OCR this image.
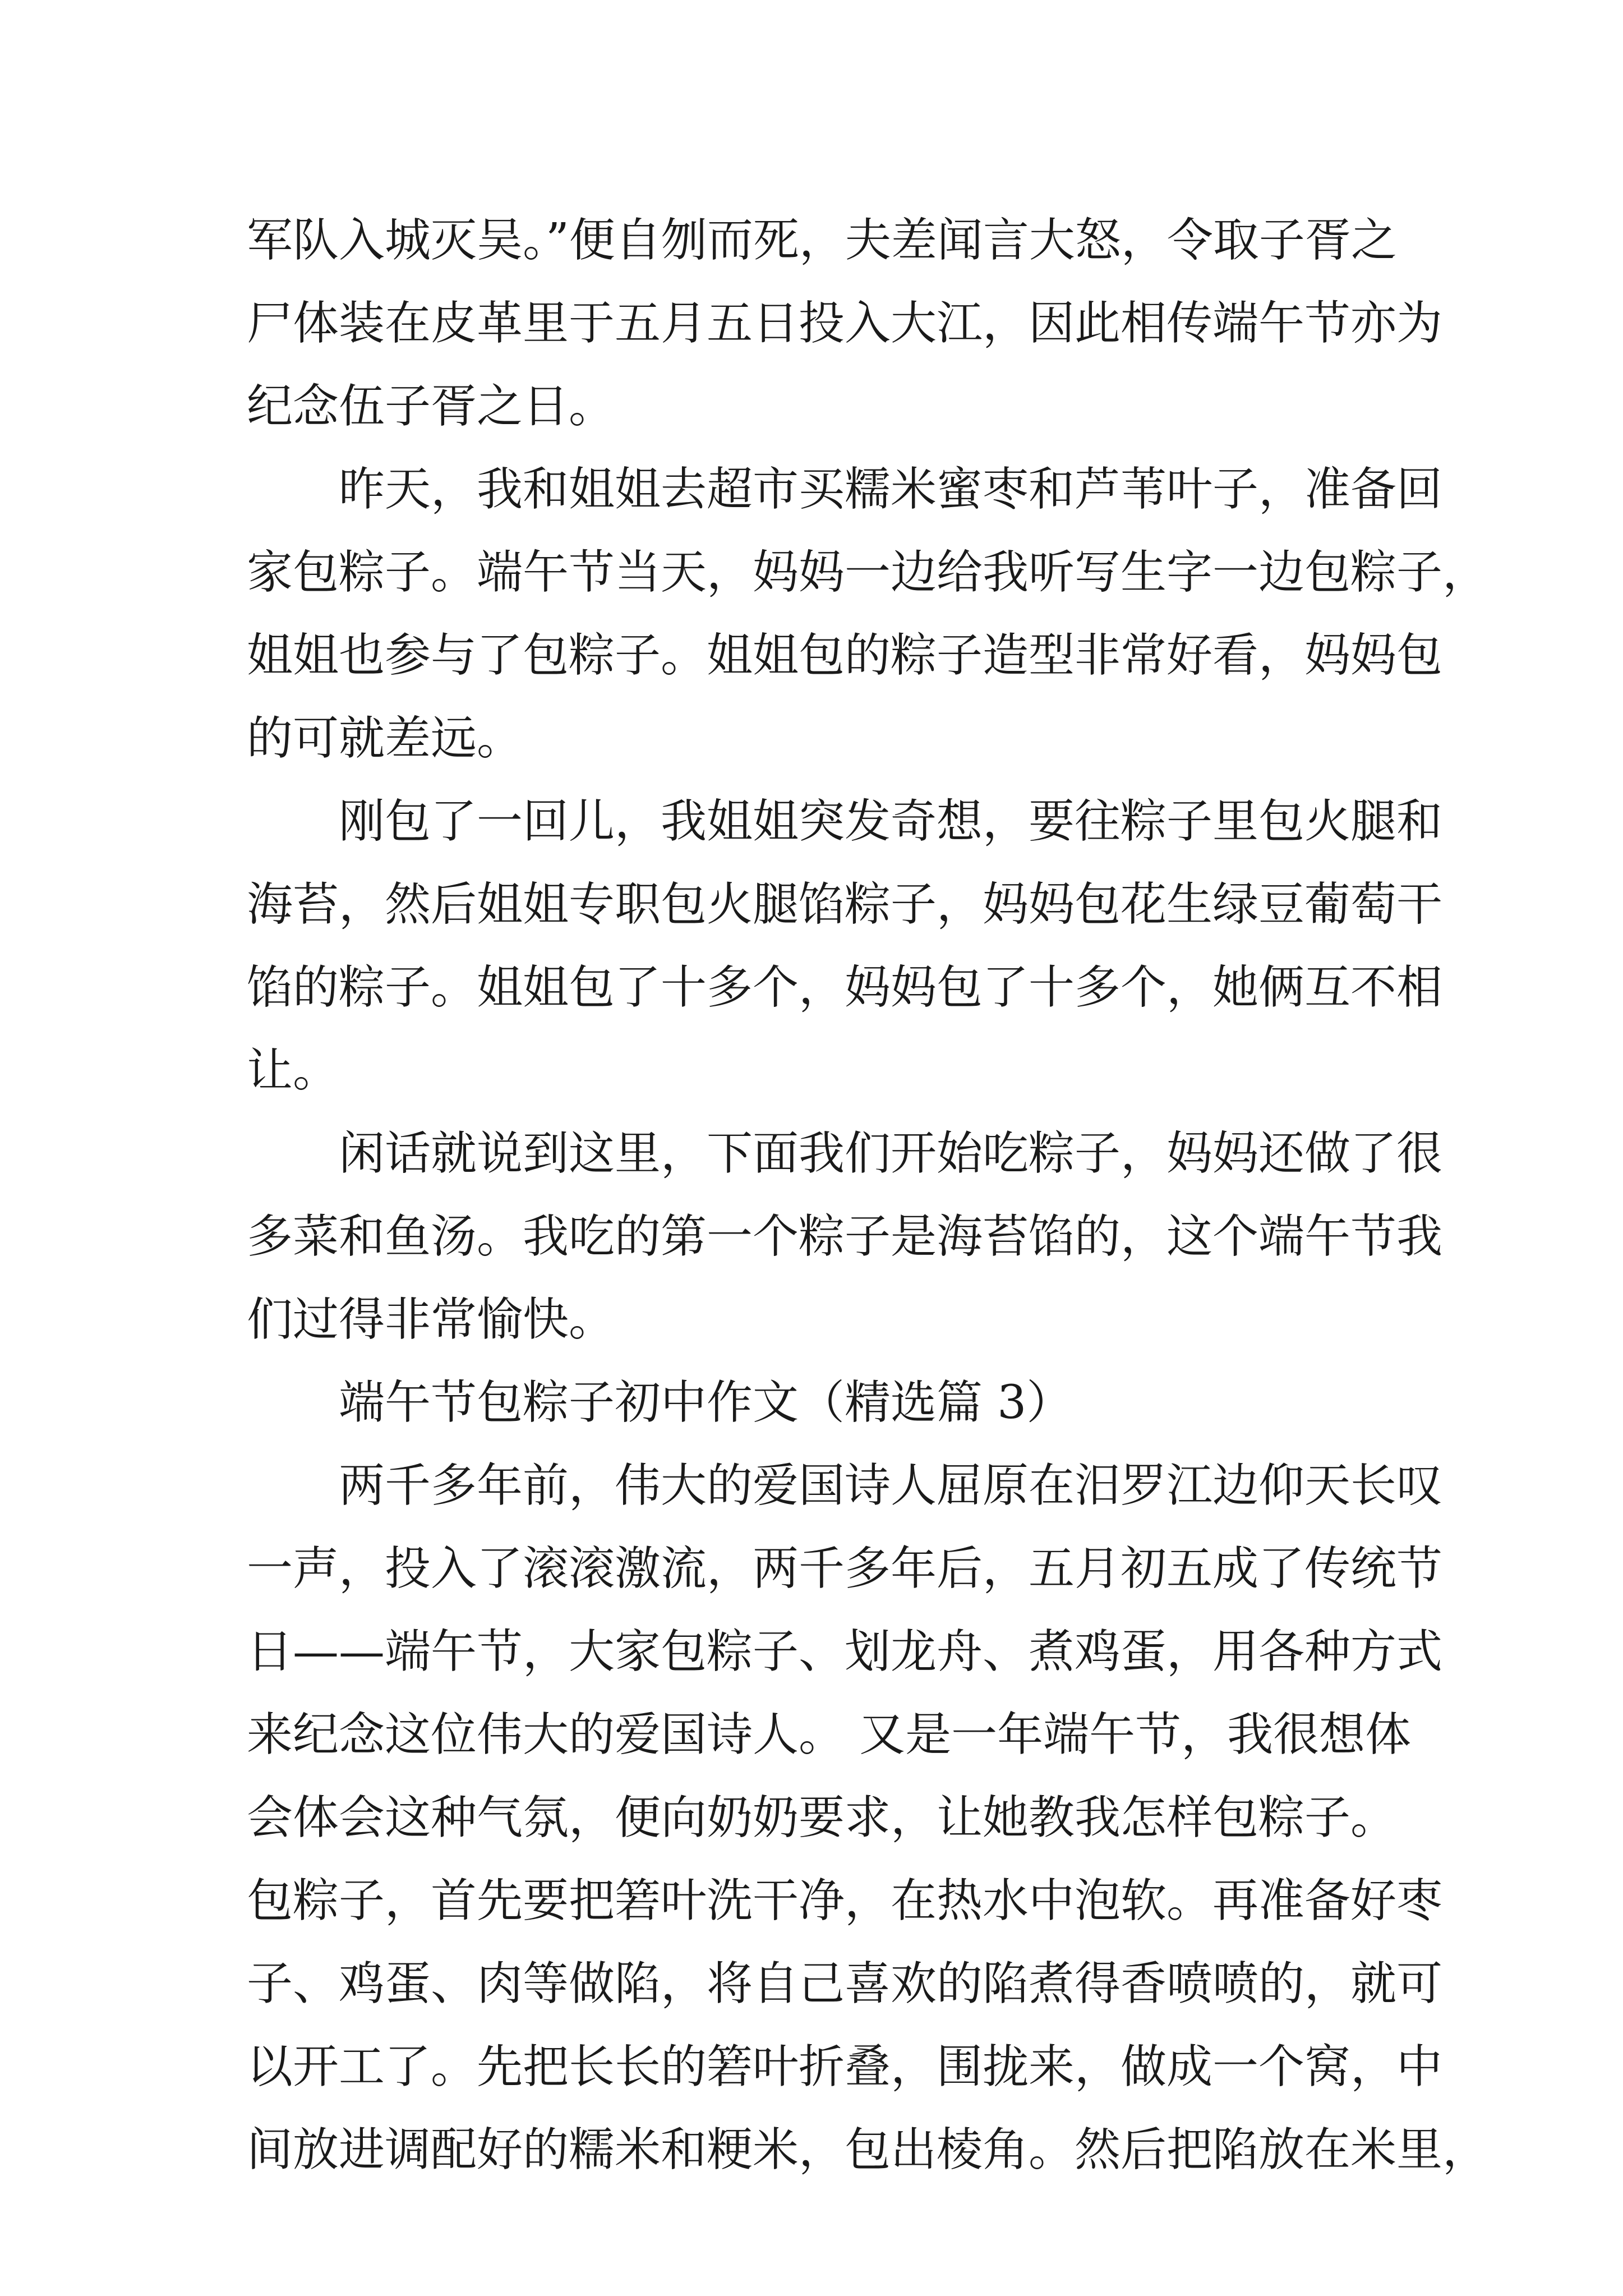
军队入城灭吴。”便自刎而死，夫差闻言大怒，令取子胥之
尸体装在皮革里于五月五日投入大江，因此相传端午节亦为
纪念伍子胥之日。
昨天，我和姐姐去超市买糯米蜜枣和芦苇叶子，准备回
家包粽子。端午节当天，妈妈一边给我听写生字一边包粽子，
姐姐也参与了包粽子。姐姐包的粽子造型非常好看，妈妈包
的可就差远。
刚包了一回儿，我姐姐突发奇想，要往粽子里包火腿和
海苔，然后姐姐专职包火腿馅粽子，妈妈包花生绿豆葡萄干
馅的粽子。姐姐包了十多个，妈妈包了十多个，她俩互不相
让。
闲话就说到这里，下面我们开始吃粽子，妈妈还做了很
多菜和鱼汤。我吃的第一个粽子是海苔馅的，这个端午节我
们过得非常愉快。
端午节包粽子初中作文（精选篇 3）
两千多年前，伟大的爱国诗人屈原在汨罗江边仰天长叹
一声，投入了滚滚激流，两千多年后，五月初五成了传统节
日——端午节，大家包粽子、划龙舟、煮鸡蛋，用各种方式
来纪念这位伟大的爱国诗人。 又是一年端午节，我很想体
会体会这种气氛，便向奶奶要求，让她教我怎样包粽子。
包粽子，首先要把箬叶洗干净，在热水中泡软。再准备好枣
子、鸡蛋、肉等做陷，将自己喜欢的陷煮得香喷喷的，就可
以开工了。先把长长的箬叶折叠，围拢来，做成一个窝，中
间放进调配好的糯米和粳米，包出棱角。然后把陷放在米里，
